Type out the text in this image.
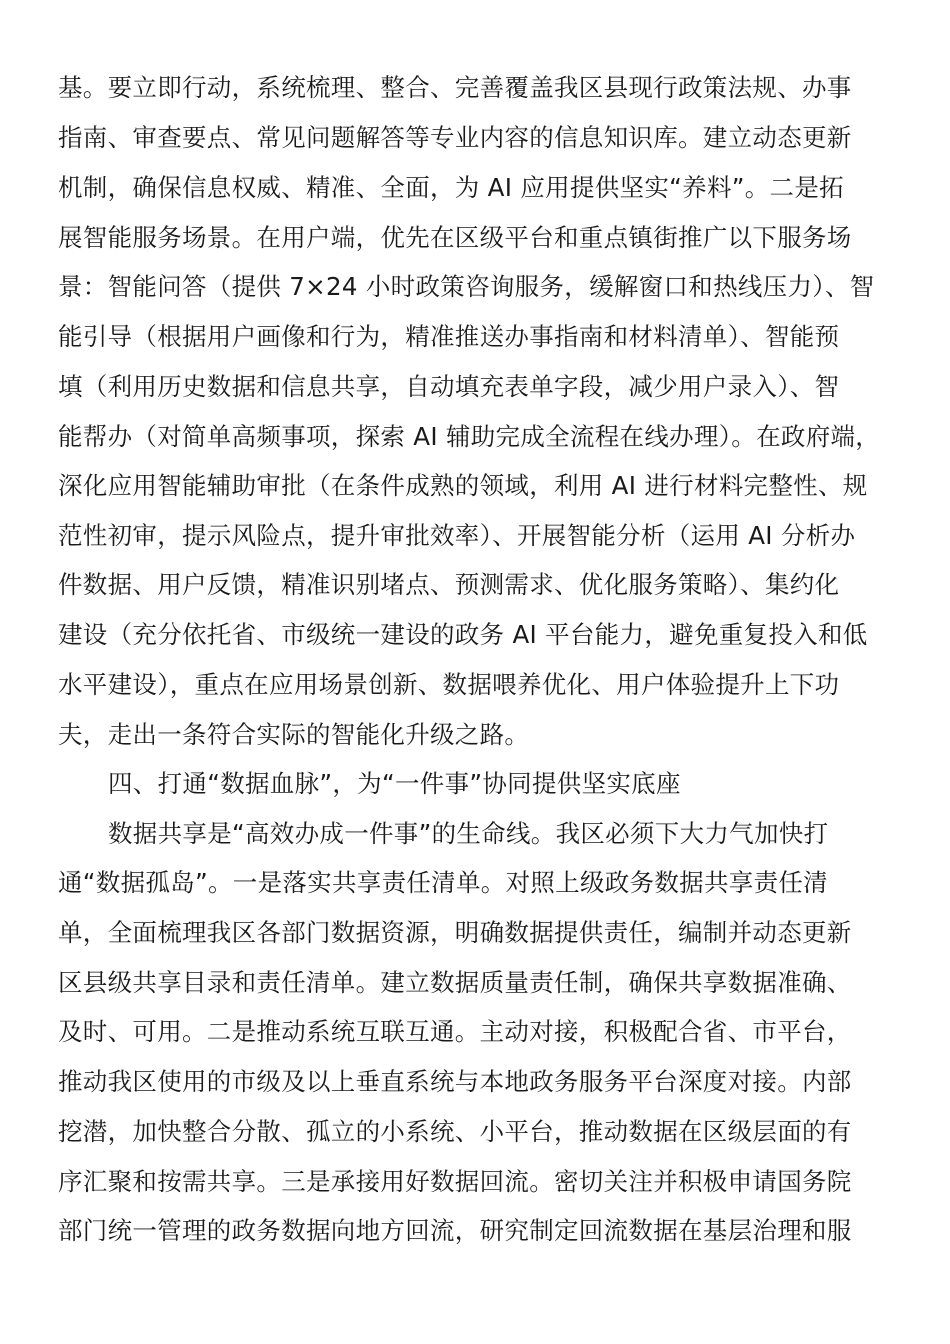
基。要立即行动，系统梳理、整合、完善覆盖我区县现行政策法规、办事
指南、审查要点、常见问题解答等专业内容的信息知识库。建立动态更新
机制，确保信息权威、精准、全面，为 AI 应用提供坚实“养料”。二是拓
展智能服务场景。在用户端，优先在区级平台和重点镇街推广以下服务场
景：智能问答（提供 7×24 小时政策咨询服务，缓解窗口和热线压力）、智
能引导（根据用户画像和行为，精准推送办事指南和材料清单）、智能预
填（利用历史数据和信息共享，自动填充表单字段，减少用户录入）、智
能帮办（对简单高频事项，探索 AI 辅助完成全流程在线办理）。在政府端，
深化应用智能辅助审批（在条件成熟的领域，利用 AI 进行材料完整性、规
范性初审，提示风险点，提升审批效率）、开展智能分析（运用 AI 分析办
件数据、用户反馈，精准识别堵点、预测需求、优化服务策略）、集约化
建设（充分依托省、市级统一建设的政务 AI 平台能力，避免重复投入和低
水平建设），重点在应用场景创新、数据喂养优化、用户体验提升上下功
夫，走出一条符合实际的智能化升级之路。
四、打通“数据血脉”，为“一件事”协同提供坚实底座
数据共享是“高效办成一件事”的生命线。我区必须下大力气加快打
通“数据孤岛”。一是落实共享责任清单。对照上级政务数据共享责任清
单，全面梳理我区各部门数据资源，明确数据提供责任，编制并动态更新
区县级共享目录和责任清单。建立数据质量责任制，确保共享数据准确、
及时、可用。二是推动系统互联互通。主动对接，积极配合省、市平台，
推动我区使用的市级及以上垂直系统与本地政务服务平台深度对接。内部
挖潜，加快整合分散、孤立的小系统、小平台，推动数据在区级层面的有
序汇聚和按需共享。三是承接用好数据回流。密切关注并积极申请国务院
部门统一管理的政务数据向地方回流，研究制定回流数据在基层治理和服
